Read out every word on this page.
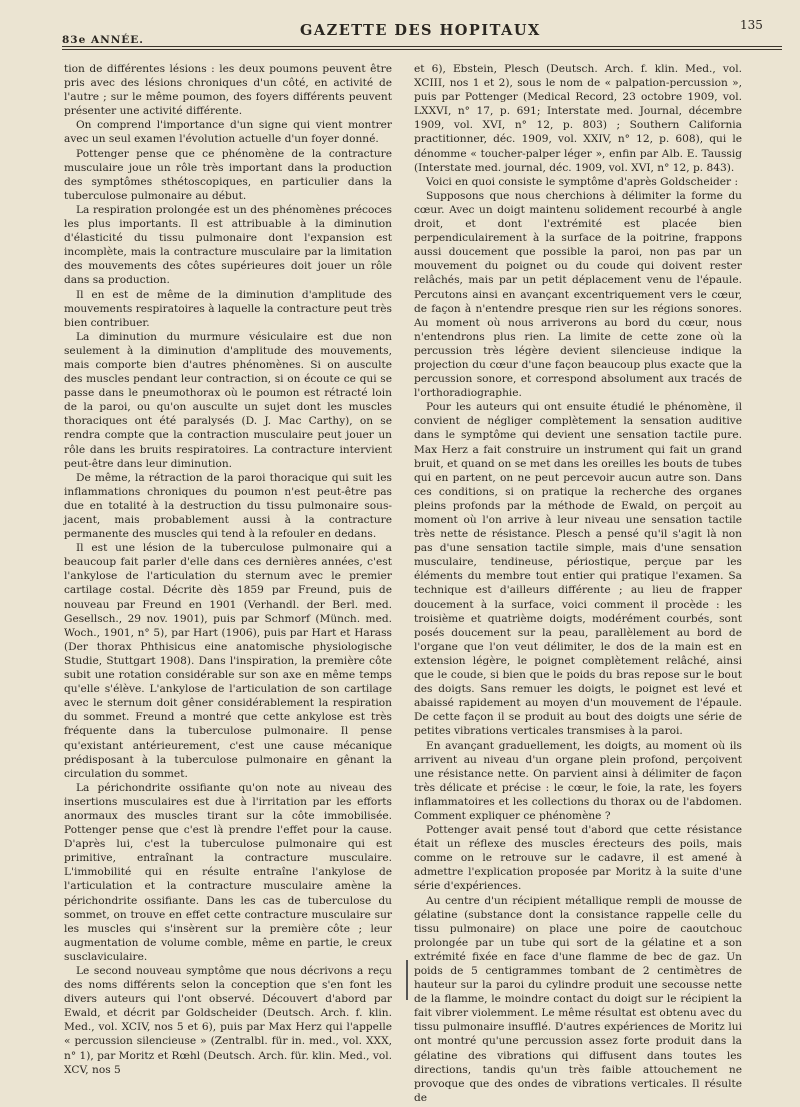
83e ANNÉE.
GAZETTE DES HOPITAUX	135

tion de différentes lésions : les deux poumons peuvent être pris avec des lésions chroniques d'un côté, en activité de l'autre ; sur le même poumon, des foyers différents peuvent présenter une activité différente.

On comprend l'importance d'un signe qui vient montrer avec un seul examen l'évolution actuelle d'un foyer donné.

Pottenger pense que ce phénomène de la contracture musculaire joue un rôle très important dans la production des symptômes sthétoscopiques, en particulier dans la tuberculose pulmonaire au début.

La respiration prolongée est un des phénomènes précoces les plus importants. Il est attribuable à la diminution d'élasticité du tissu pulmonaire dont l'expansion est incomplète, mais la contracture musculaire par la limitation des mouvements des côtes supérieures doit jouer un rôle dans sa production.

Il en est de même de la diminution d'amplitude des mouvements respiratoires à laquelle la contracture peut très bien contribuer.

La diminution du murmure vésiculaire est due non seulement à la diminution d'amplitude des mouvements, mais comporte bien d'autres phénomènes. Si on ausculte des muscles pendant leur contraction, si on écoute ce qui se passe dans le pneumothorax où le poumon est rétracté loin de la paroi, ou qu'on ausculte un sujet dont les muscles thoraciques ont été paralysés (D. J. Mac Carthy), on se rendra compte que la contraction musculaire peut jouer un rôle dans les bruits respiratoires. La contracture intervient peut-être dans leur diminution.

De même, la rétraction de la paroi thoracique qui suit les inflammations chroniques du poumon n'est peut-être pas due en totalité à la destruction du tissu pulmonaire sous-jacent, mais probablement aussi à la contracture permanente des muscles qui tend à la refouler en dedans.

Il est une lésion de la tuberculose pulmonaire qui a beaucoup fait parler d'elle dans ces dernières années, c'est l'ankylose de l'articulation du sternum avec le premier cartilage costal. Décrite dès 1859 par Freund, puis de nouveau par Freund en 1901 (Verhandl. der Berl. med. Gesellsch., 29 nov. 1901), puis par Schmorf (Münch. med. Woch., 1901, n° 5), par Hart (1906), puis par Hart et Harass (Der thorax Phthisicus eine anatomische physiologische Studie, Stuttgart 1908). Dans l'inspiration, la première côte subit une rotation considérable sur son axe en même temps qu'elle s'élève. L'ankylose de l'articulation de son cartilage avec le sternum doit gêner considérablement la respiration du sommet. Freund a montré que cette ankylose est très fréquente dans la tuberculose pulmonaire. Il pense qu'existant antérieurement, c'est une cause mécanique prédisposant à la tuberculose pulmonaire en gênant la circulation du sommet.

La périchondrite ossifiante qu'on note au niveau des insertions musculaires est due à l'irritation par les efforts anormaux des muscles tirant sur la côte immobilisée. Pottenger pense que c'est là prendre l'effet pour la cause. D'après lui, c'est la tuberculose pulmonaire qui est primitive, entraînant la contracture musculaire. L'immobilité qui en résulte entraîne l'ankylose de l'articulation et la contracture musculaire amène la périchondrite ossifiante. Dans les cas de tuberculose du sommet, on trouve en effet cette contracture musculaire sur les muscles qui s'insèrent sur la première côte ; leur augmentation de volume comble, même en partie, le creux susclaviculaire.

Le second nouveau symptôme que nous décrivons a reçu des noms différents selon la conception que s'en font les divers auteurs qui l'ont observé. Découvert d'abord par Ewald, et décrit par Goldscheider (Deutsch. Arch. f. klin. Med., vol. XCIV, nos 5 et 6), puis par Max Herz qui l'appelle « percussion silencieuse » (Zentralbl. für in. med., vol. XXX, n° 1), par Moritz et Rœhl (Deutsch. Arch. für. klin. Med., vol. XCV, nos 5

et 6), Ebstein, Plesch (Deutsch. Arch. f. klin. Med., vol. XCIII, nos 1 et 2), sous le nom de « palpation-percussion », puis par Pottenger (Medical Record, 23 octobre 1909, vol. LXXVI, n° 17, p. 691; Interstate med. Journal, décembre 1909, vol. XVI, n° 12, p. 803) ; Southern California practitionner, déc. 1909, vol. XXIV, n° 12, p. 608), qui le dénomme « toucher-palper léger », enfin par Alb. E. Taussig (Interstate med. journal, déc. 1909, vol. XVI, n° 12, p. 843).

Voici en quoi consiste le symptôme d'après Goldscheider :

Supposons que nous cherchions à délimiter la forme du cœur. Avec un doigt maintenu solidement recourbé à angle droit, et dont l'extrémité est placée bien perpendiculairement à la surface de la poitrine, frappons aussi doucement que possible la paroi, non pas par un mouvement du poignet ou du coude qui doivent rester relâchés, mais par un petit déplacement venu de l'épaule. Percutons ainsi en avançant excentriquement vers le cœur, de façon à n'entendre presque rien sur les régions sonores. Au moment où nous arriverons au bord du cœur, nous n'entendrons plus rien. La limite de cette zone où la percussion très légère devient silencieuse indique la projection du cœur d'une façon beaucoup plus exacte que la percussion sonore, et correspond absolument aux tracés de l'orthoradiographie.

Pour les auteurs qui ont ensuite étudié le phénomène, il convient de négliger complètement la sensation auditive dans le symptôme qui devient une sensation tactile pure. Max Herz a fait construire un instrument qui fait un grand bruit, et quand on se met dans les oreilles les bouts de tubes qui en partent, on ne peut percevoir aucun autre son. Dans ces conditions, si on pratique la recherche des organes pleins profonds par la méthode de Ewald, on perçoit au moment où l'on arrive à leur niveau une sensation tactile très nette de résistance. Plesch a pensé qu'il s'agit là non pas d'une sensation tactile simple, mais d'une sensation musculaire, tendineuse, périostique, perçue par les éléments du membre tout entier qui pratique l'examen. Sa technique est d'ailleurs différente ; au lieu de frapper doucement à la surface, voici comment il procède : les troisième et quatrième doigts, modérément courbés, sont posés doucement sur la peau, parallèlement au bord de l'organe que l'on veut délimiter, le dos de la main est en extension légère, le poignet complètement relâché, ainsi que le coude, si bien que le poids du bras repose sur le bout des doigts. Sans remuer les doigts, le poignet est levé et abaissé rapidement au moyen d'un mouvement de l'épaule. De cette façon il se produit au bout des doigts une série de petites vibrations verticales transmises à la paroi.

En avançant graduellement, les doigts, au moment où ils arrivent au niveau d'un organe plein profond, perçoivent une résistance nette. On parvient ainsi à délimiter de façon très délicate et précise : le cœur, le foie, la rate, les foyers inflammatoires et les collections du thorax ou de l'abdomen. Comment expliquer ce phénomène ?

Pottenger avait pensé tout d'abord que cette résistance était un réflexe des muscles érecteurs des poils, mais comme on le retrouve sur le cadavre, il est amené à admettre l'explication proposée par Moritz à la suite d'une série d'expériences.

Au centre d'un récipient métallique rempli de mousse de gélatine (substance dont la consistance rappelle celle du tissu pulmonaire) on place une poire de caoutchouc prolongée par un tube qui sort de la gélatine et a son extrémité fixée en face d'une flamme de bec de gaz. Un poids de 5 centigrammes tombant de 2 centimètres de hauteur sur la paroi du cylindre produit une secousse nette de la flamme, le moindre contact du doigt sur le récipient la fait vibrer violemment. Le même résultat est obtenu avec du tissu pulmonaire insufflé. D'autres expériences de Moritz lui ont montré qu'une percussion assez forte produit dans la gélatine des vibrations qui diffusent dans toutes les directions, tandis qu'un très faible attouchement ne provoque que des ondes de vibrations verticales. Il résulte de
